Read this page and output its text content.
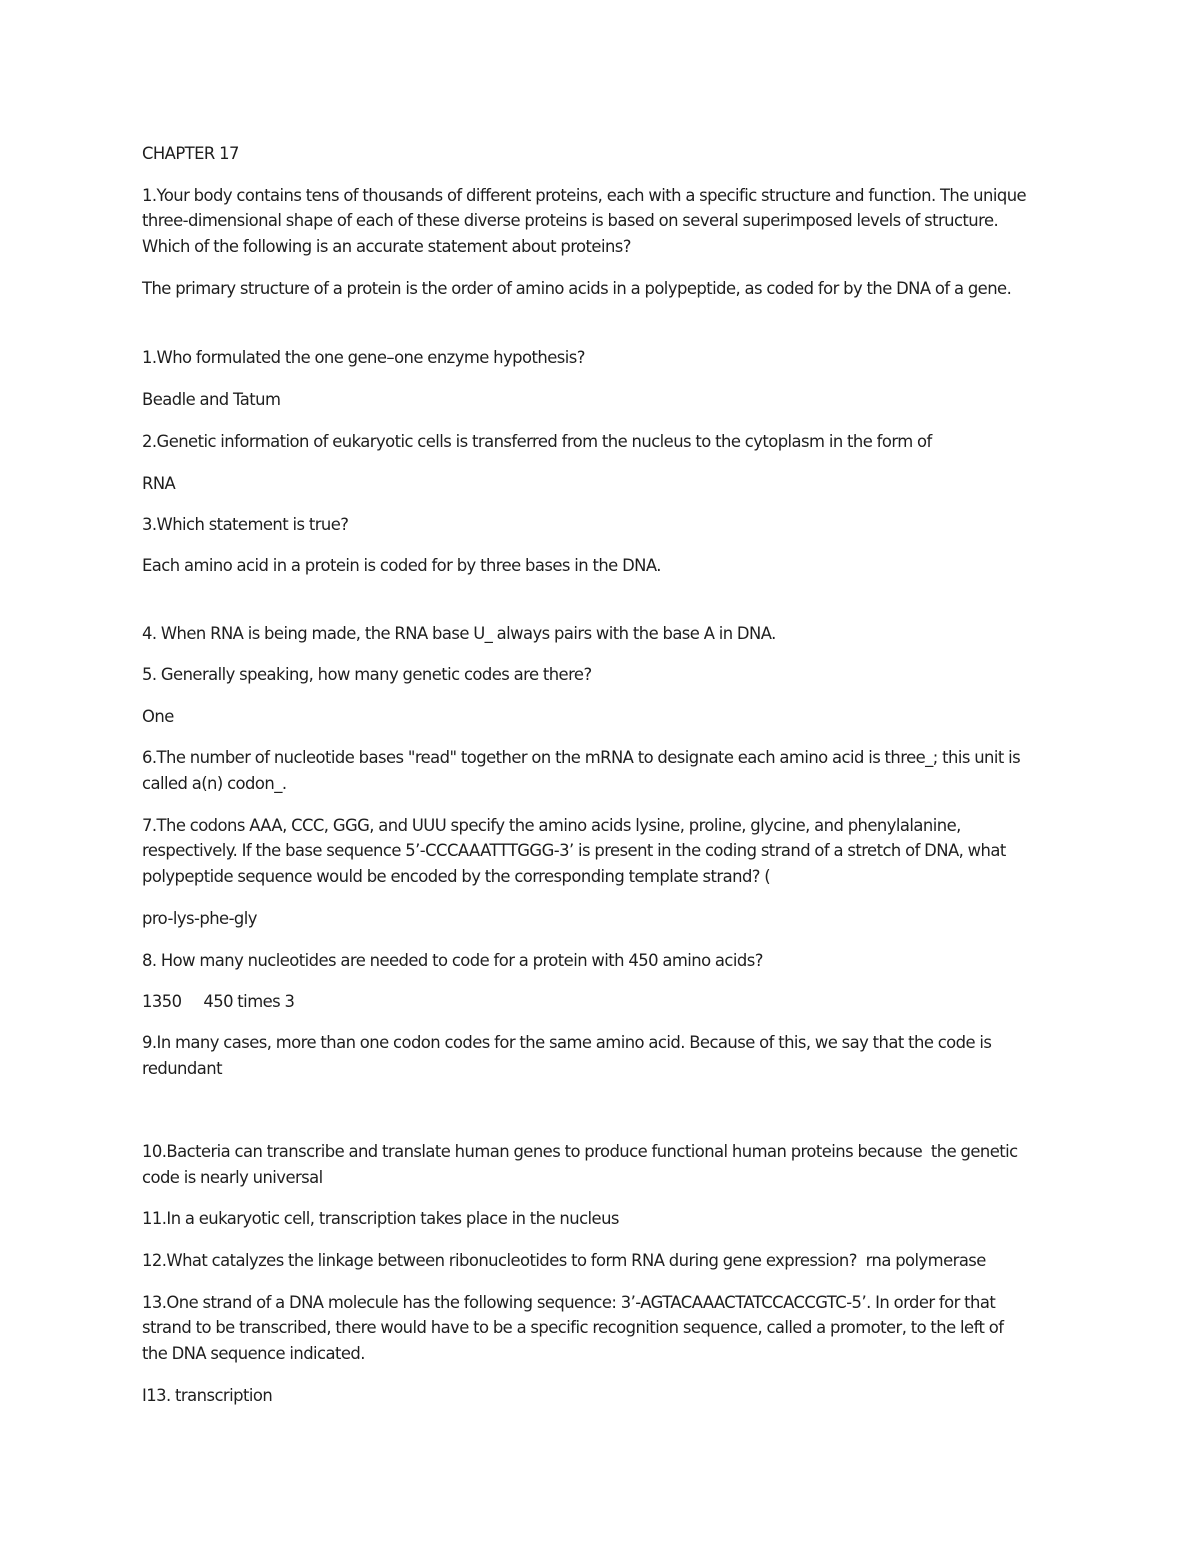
CHAPTER 17

1.Your body contains tens of thousands of different proteins, each with a specific structure and function. The unique

three-dimensional shape of each of these diverse proteins is based on several superimposed levels of structure.

Which of the following is an accurate statement about proteins?

The primary structure of a protein is the order of amino acids in a polypeptide, as coded for by the DNA of a gene.

1.Who formulated the one gene–one enzyme hypothesis?

Beadle and Tatum

2.Genetic information of eukaryotic cells is transferred from the nucleus to the cytoplasm in the form of

RNA

3.Which statement is true?

Each amino acid in a protein is coded for by three bases in the DNA.

4. When RNA is being made, the RNA base U_ always pairs with the base A in DNA.

5. Generally speaking, how many genetic codes are there?

One

6.The number of nucleotide bases "read" together on the mRNA to designate each amino acid is three_; this unit is

called a(n) codon_.

7.The codons AAA, CCC, GGG, and UUU specify the amino acids lysine, proline, glycine, and phenylalanine,

respectively. If the base sequence 5’-CCCAAATTTGGG-3’ is present in the coding strand of a stretch of DNA, what

polypeptide sequence would be encoded by the corresponding template strand? (

pro-lys-phe-gly

8. How many nucleotides are needed to code for a protein with 450 amino acids?

1350     450 times 3

9.In many cases, more than one codon codes for the same amino acid. Because of this, we say that the code is

redundant

10.Bacteria can transcribe and translate human genes to produce functional human proteins because  the genetic

code is nearly universal

11.In a eukaryotic cell, transcription takes place in the nucleus

12.What catalyzes the linkage between ribonucleotides to form RNA during gene expression?  rna polymerase

13.One strand of a DNA molecule has the following sequence: 3’-AGTACAAACTATCCACCGTC-5’. In order for that

strand to be transcribed, there would have to be a specific recognition sequence, called a promoter, to the left of

the DNA sequence indicated.

I13. transcription
